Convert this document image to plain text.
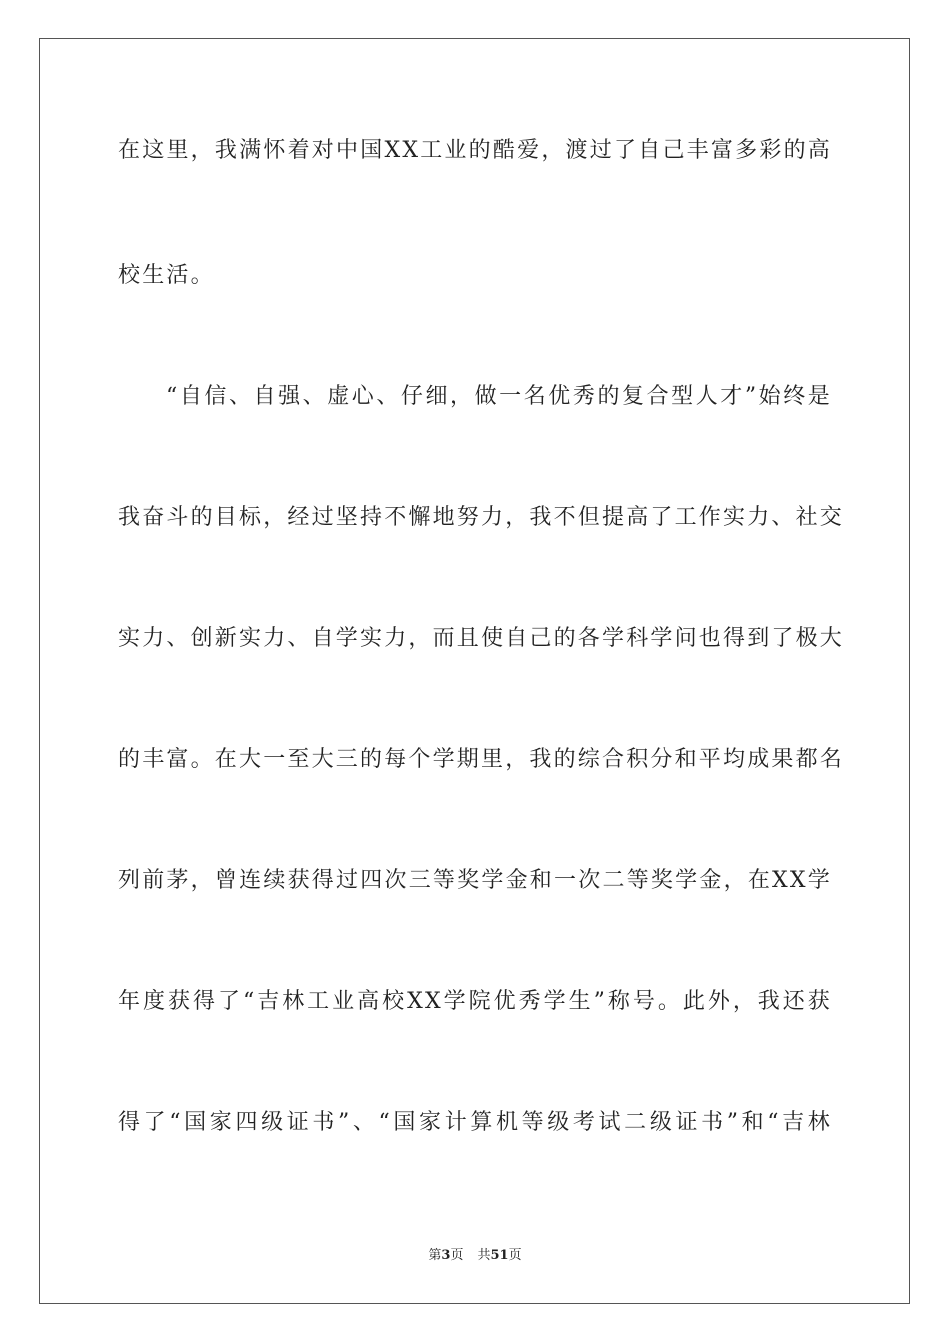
在这里，我满怀着对中国XX工业的酷爱，渡过了自己丰富多彩的高
校生活。
“自信、自强、虚心、仔细，做一名优秀的复合型人才”始终是
我奋斗的目标，经过坚持不懈地努力，我不但提高了工作实力、社交
实力、创新实力、自学实力，而且使自己的各学科学问也得到了极大
的丰富。在大一至大三的每个学期里，我的综合积分和平均成果都名
列前茅，曾连续获得过四次三等奖学金和一次二等奖学金，在XX学
年度获得了“吉林工业高校XX学院优秀学生”称号。此外，我还获
得了“国家四级证书”、“国家计算机等级考试二级证书”和“吉林
第3页 共51页
